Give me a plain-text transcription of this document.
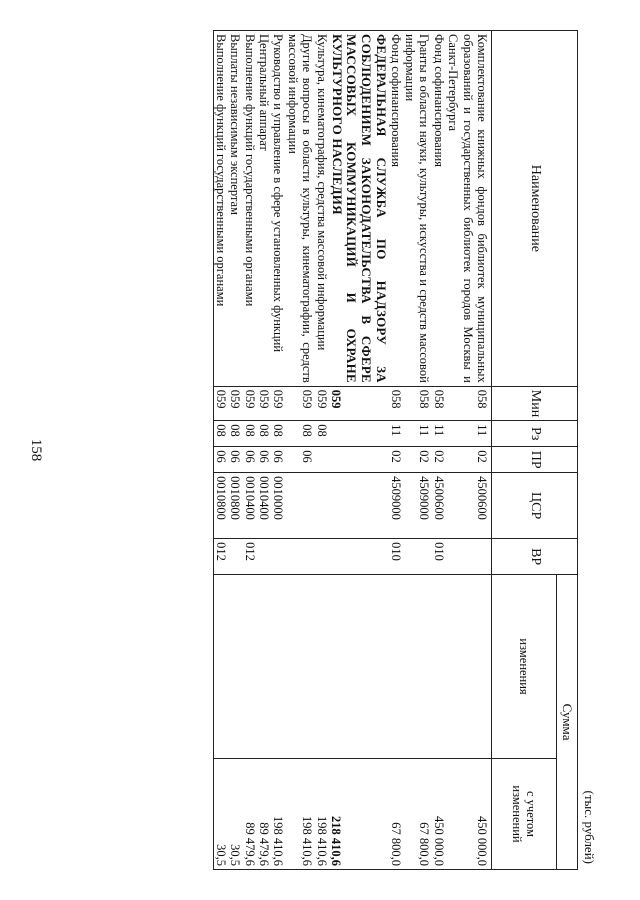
158
(тыс. рублей)
Наименование	Мин	Рз	ПР	ЦСР	ВР	Сумма	
						изменения	с учетом изменений
Комплектование книжных фондов библиотек муниципальных образований и государственных библиотек городов Москвы и Санкт-Петербурга	058	11	02	4500600			450 000,0
Фонд софинансирования	058	11	02	4500600	010		450 000,0
Гранты в области науки, культуры, искусства и средств массовой информации	058	11	02	4509000			67 800,0
Фонд софинансирования	058	11	02	4509000	010		67 800,0
ФЕДЕРАЛЬНАЯ СЛУЖБА ПО НАДЗОРУ ЗА СОБЛЮДЕНИЕМ ЗАКОНОДАТЕЛЬСТВА В СФЕРЕ МАССОВЫХ КОММУНИКАЦИЙ И ОХРАНЕ КУЛЬТУРНОГО НАСЛЕДИЯ	059						218 410,6
Культура, кинематография, средства массовой информации	059	08					198 410,6
Другие вопросы в области культуры, кинематографии, средств массовой информации	059	08	06				198 410,6
Руководство и управление в сфере установленных функций	059	08	06	0010000			198 410,6
Центральный аппарат	059	08	06	0010400			89 479,6
Выполнение функций государственными органами	059	08	06	0010400	012		89 479,6
Выплаты независимым экспертам	059	08	06	0010800			30,5
Выполнение функций государственными органами	059	08	06	0010800	012		30,5
